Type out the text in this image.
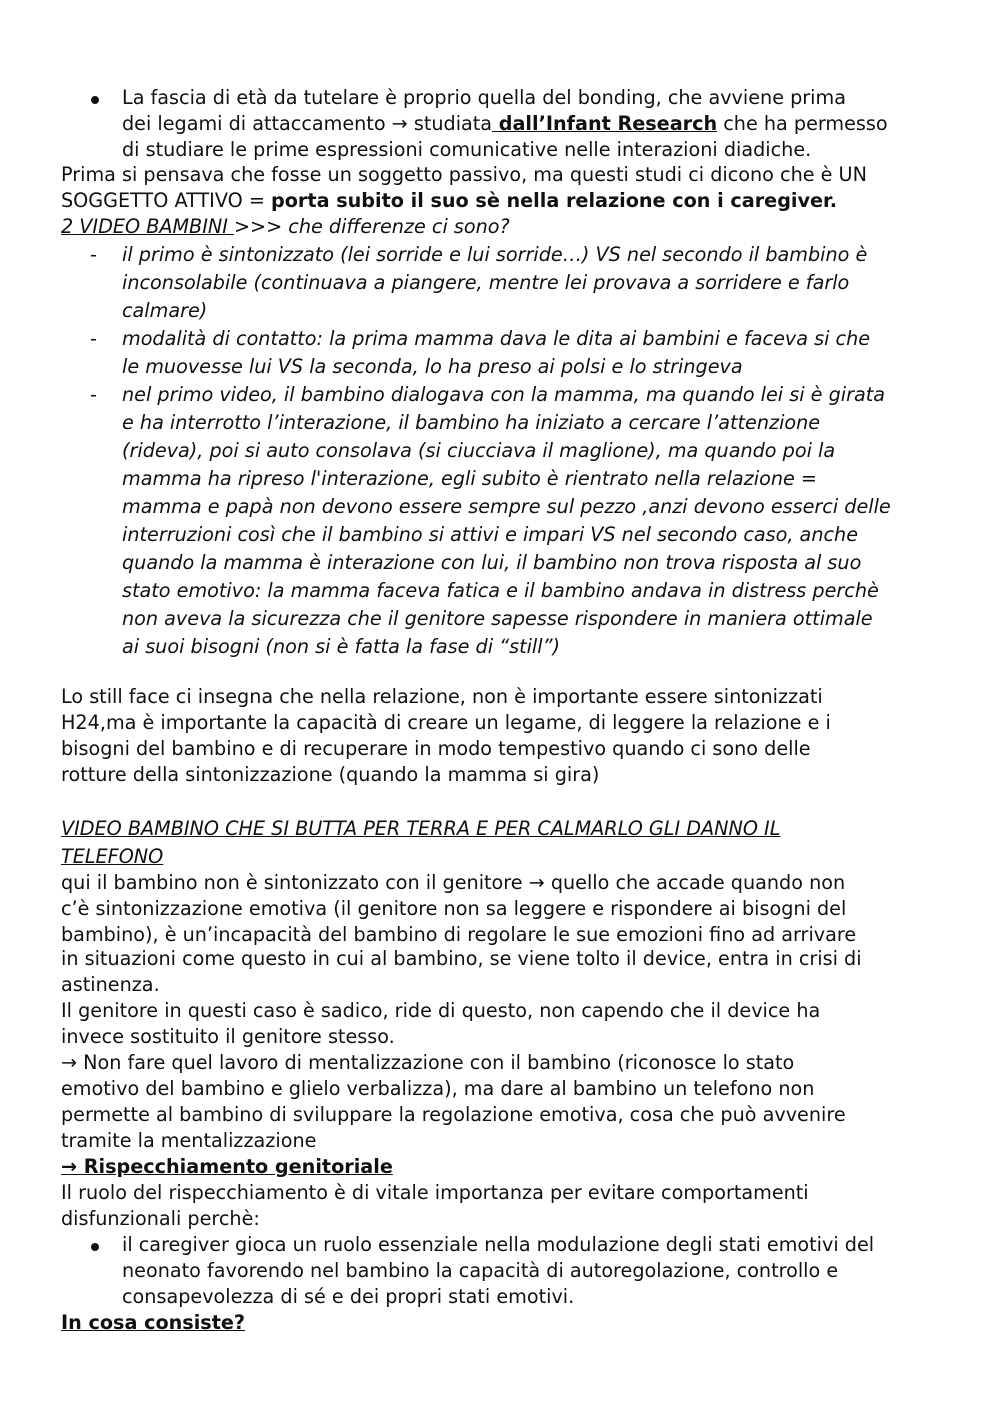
La fascia di età da tutelare è proprio quella del bonding, che avviene prima
dei legami di attaccamento → studiata dall’Infant Research che ha permesso
di studiare le prime espressioni comunicative nelle interazioni diadiche.
Prima si pensava che fosse un soggetto passivo, ma questi studi ci dicono che è UN
SOGGETTO ATTIVO = porta subito il suo sè nella relazione con i caregiver.
2 VIDEO BAMBINI >>> che differenze ci sono?
- il primo è sintonizzato (lei sorride e lui sorride…) VS nel secondo il bambino è
inconsolabile (continuava a piangere, mentre lei provava a sorridere e farlo
calmare)
- modalità di contatto: la prima mamma dava le dita ai bambini e faceva si che
le muovesse lui VS la seconda, lo ha preso ai polsi e lo stringeva
- nel primo video, il bambino dialogava con la mamma, ma quando lei si è girata
e ha interrotto l’interazione, il bambino ha iniziato a cercare l’attenzione
(rideva), poi si auto consolava (si ciucciava il maglione), ma quando poi la
mamma ha ripreso l'interazione, egli subito è rientrato nella relazione =
mamma e papà non devono essere sempre sul pezzo ,anzi devono esserci delle
interruzioni così che il bambino si attivi e impari VS nel secondo caso, anche
quando la mamma è interazione con lui, il bambino non trova risposta al suo
stato emotivo: la mamma faceva fatica e il bambino andava in distress perchè
non aveva la sicurezza che il genitore sapesse rispondere in maniera ottimale
ai suoi bisogni (non si è fatta la fase di “still”)
Lo still face ci insegna che nella relazione, non è importante essere sintonizzati
H24,ma è importante la capacità di creare un legame, di leggere la relazione e i
bisogni del bambino e di recuperare in modo tempestivo quando ci sono delle
rotture della sintonizzazione (quando la mamma si gira)
VIDEO BAMBINO CHE SI BUTTA PER TERRA E PER CALMARLO GLI DANNO IL
TELEFONO
qui il bambino non è sintonizzato con il genitore → quello che accade quando non
c’è sintonizzazione emotiva (il genitore non sa leggere e rispondere ai bisogni del
bambino), è un’incapacità del bambino di regolare le sue emozioni fino ad arrivare
in situazioni come questo in cui al bambino, se viene tolto il device, entra in crisi di
astinenza.
Il genitore in questi caso è sadico, ride di questo, non capendo che il device ha
invece sostituito il genitore stesso.
→ Non fare quel lavoro di mentalizzazione con il bambino (riconosce lo stato
emotivo del bambino e glielo verbalizza), ma dare al bambino un telefono non
permette al bambino di sviluppare la regolazione emotiva, cosa che può avvenire
tramite la mentalizzazione
→ Rispecchiamento genitoriale
Il ruolo del rispecchiamento è di vitale importanza per evitare comportamenti
disfunzionali perchè:
il caregiver gioca un ruolo essenziale nella modulazione degli stati emotivi del
neonato favorendo nel bambino la capacità di autoregolazione, controllo e
consapevolezza di sé e dei propri stati emotivi.
In cosa consiste?
